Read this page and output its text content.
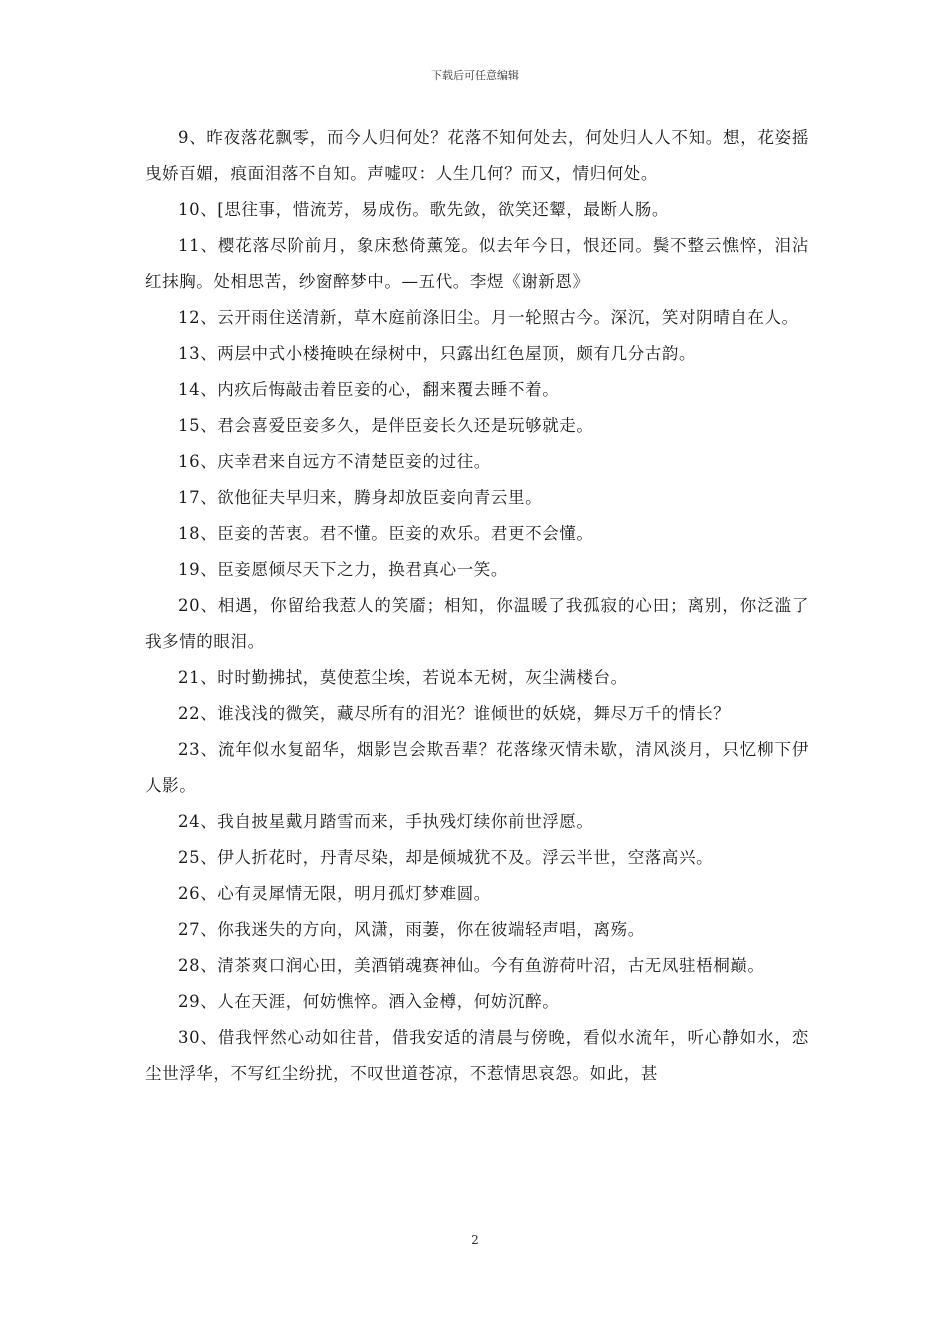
下载后可任意编辑

9、昨夜落花飘零，而今人归何处？花落不知何处去，何处归人人不知。想，花姿摇曳娇百媚，痕面泪落不自知。声嘘叹：人生几何？而又，情归何处。

10、[思往事，惜流芳，易成伤。歌先敛，欲笑还颦，最断人肠。

11、樱花落尽阶前月，象床愁倚薰笼。似去年今日，恨还同。鬓不整云憔悴，泪沾红抹胸。处相思苦，纱窗醉梦中。—五代。李煜《谢新恩》

12、云开雨住送清新，草木庭前涤旧尘。月一轮照古今。深沉，笑对阴晴自在人。

13、两层中式小楼掩映在绿树中，只露出红色屋顶，颇有几分古韵。

14、内疚后悔敲击着臣妾的心，翻来覆去睡不着。

15、君会喜爱臣妾多久，是伴臣妾长久还是玩够就走。

16、庆幸君来自远方不清楚臣妾的过往。

17、欲他征夫早归来，腾身却放臣妾向青云里。

18、臣妾的苦衷。君不懂。臣妾的欢乐。君更不会懂。

19、臣妾愿倾尽天下之力，换君真心一笑。

20、相遇，你留给我惹人的笑靥；相知，你温暖了我孤寂的心田；离别，你泛滥了我多情的眼泪。

21、时时勤拂拭，莫使惹尘埃，若说本无树，灰尘满楼台。

22、谁浅浅的微笑，藏尽所有的泪光？谁倾世的妖娆，舞尽万千的情长？

23、流年似水复韶华，烟影岂会欺吾辈？花落缘灭情未歇，清风淡月，只忆柳下伊人影。

24、我自披星戴月踏雪而来，手执残灯续你前世浮愿。

25、伊人折花时，丹青尽染，却是倾城犹不及。浮云半世，空落高兴。

26、心有灵犀情无限，明月孤灯梦难圆。

27、你我迷失的方向，风潇，雨萋，你在彼端轻声唱，离殇。

28、清茶爽口润心田，美酒销魂赛神仙。今有鱼游荷叶沼，古无凤驻梧桐巅。

29、人在天涯，何妨憔悴。酒入金樽，何妨沉醉。

30、借我怦然心动如往昔，借我安适的清晨与傍晚，看似水流年，听心静如水，恋尘世浮华，不写红尘纷扰，不叹世道苍凉，不惹情思哀怨。如此，甚

2
